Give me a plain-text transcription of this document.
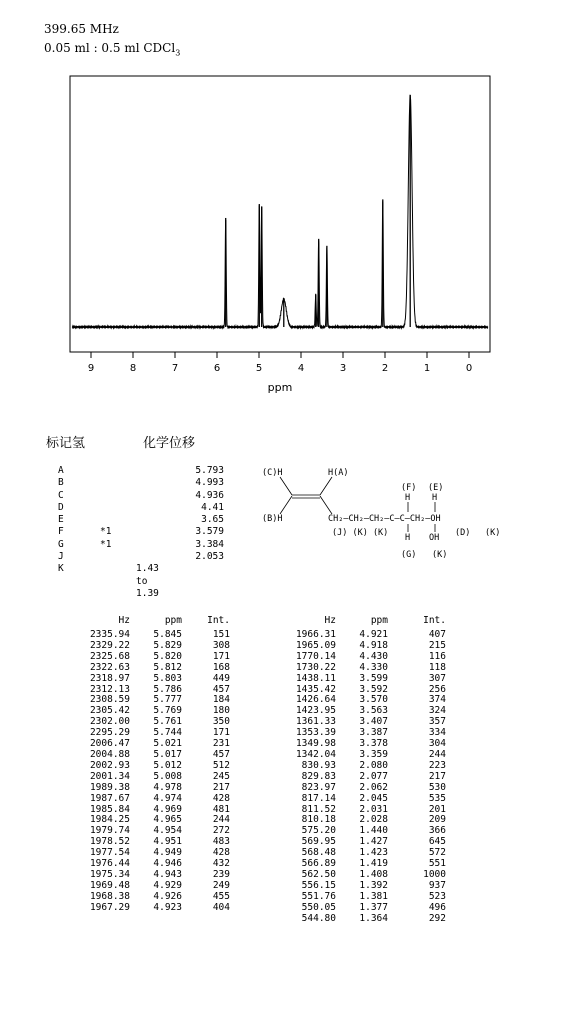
399.65 MHz
0.05 ml : 0.5 ml CDCl$_3$
9	8	7	6	5	4	3	2	1	0
ppm
标记氢	化学位移
A	5.793
B	4.993
C	4.936
D	4.41
E	3.65
F	*1	3.579
G	*1	3.384
J	2.053
K	1.43 to 1.39
(C)H	H(A)
(B)H
(F) (E)
H	H
CH₂—CH₂—CH₂—C—C—CH₂—OH
(J) (K) (K) H OH
(G) (K)
(D) (K)
Hz	ppm	Int.
2335.94	5.845	151
2329.22	5.829	308
2325.68	5.820	171
2322.63	5.812	168
2318.97	5.803	449
2312.13	5.786	457
2308.59	5.777	184
2305.42	5.769	180
2302.00	5.761	350
2295.29	5.744	171
2006.47	5.021	231
2004.88	5.017	457
2002.93	5.012	512
2001.34	5.008	245
1989.38	4.978	217
1987.67	4.974	428
1985.84	4.969	481
1984.25	4.965	244
1979.74	4.954	272
1978.52	4.951	483
1977.54	4.949	428
1976.44	4.946	432
1975.34	4.943	239
1969.48	4.929	249
1968.38	4.926	455
1967.29	4.923	404
Hz	ppm	Int.
1966.31	4.921	407
1965.09	4.918	215
1770.14	4.430	116
1730.22	4.330	118
1438.11	3.599	307
1435.42	3.592	256
1426.64	3.570	374
1423.95	3.563	324
1361.33	3.407	357
1353.39	3.387	334
1349.98	3.378	304
1342.04	3.359	244
830.93	2.080	223
829.83	2.077	217
823.97	2.062	530
817.14	2.045	535
811.52	2.031	201
810.18	2.028	209
575.20	1.440	366
569.95	1.427	645
568.48	1.423	572
566.89	1.419	551
562.50	1.408	1000
556.15	1.392	937
551.76	1.381	523
550.05	1.377	496
544.80	1.364	292
